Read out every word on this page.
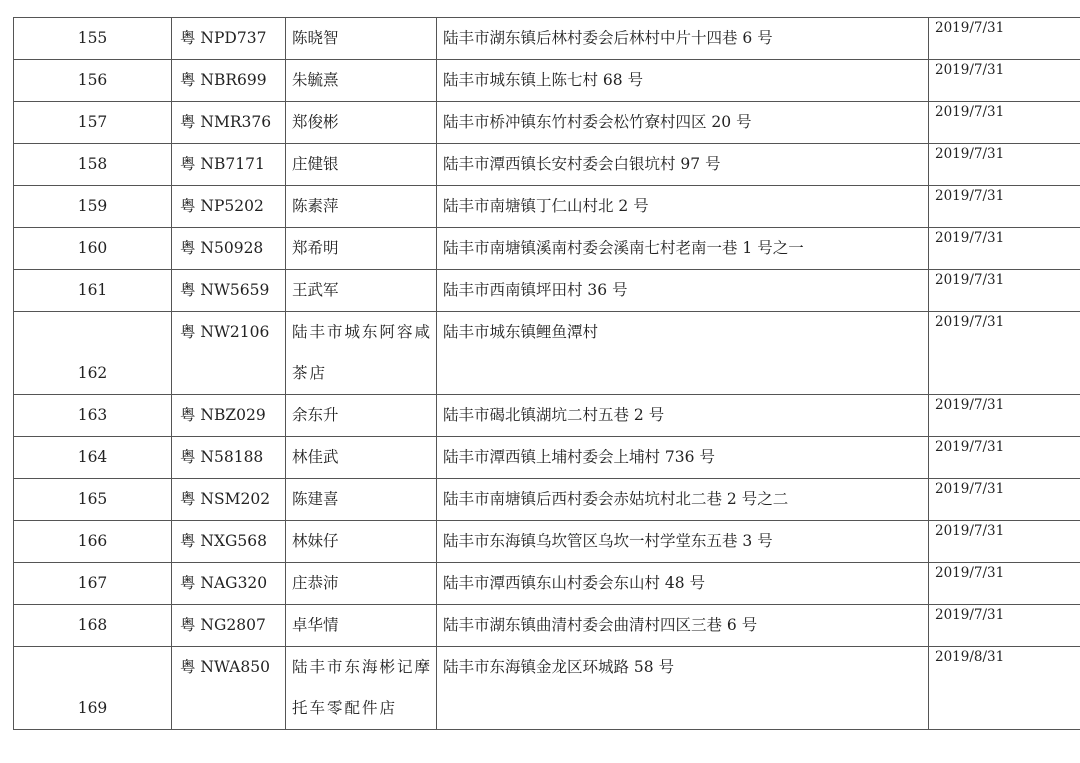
155	粤 NPD737	陈晓智	陆丰市湖东镇后林村委会后林村中片十四巷 6 号	2019/7/31

156	粤 NBR699	朱毓熹	陆丰市城东镇上陈七村 68 号	2019/7/31

157	粤 NMR376	郑俊彬	陆丰市桥冲镇东竹村委会松竹寮村四区 20 号	2019/7/31

158	粤 NB7171	庄健银	陆丰市潭西镇长安村委会白银坑村 97 号	2019/7/31

159	粤 NP5202	陈素萍	陆丰市南塘镇丁仁山村北 2 号	2019/7/31

160	粤 N50928	郑希明	陆丰市南塘镇溪南村委会溪南七村老南一巷 1 号之一	2019/7/31

161	粤 NW5659	王武军	陆丰市西南镇坪田村 36 号	2019/7/31

162	粤 NW2106	陆丰市城东阿容咸茶店	陆丰市城东镇鲤鱼潭村	2019/7/31

163	粤 NBZ029	余东升	陆丰市碣北镇湖坑二村五巷 2 号	2019/7/31

164	粤 N58188	林佳武	陆丰市潭西镇上埔村委会上埔村 736 号	2019/7/31

165	粤 NSM202	陈建喜	陆丰市南塘镇后西村委会赤姑坑村北二巷 2 号之二	2019/7/31

166	粤 NXG568	林妹仔	陆丰市东海镇乌坎管区乌坎一村学堂东五巷 3 号	2019/7/31

167	粤 NAG320	庄恭沛	陆丰市潭西镇东山村委会东山村 48 号	2019/7/31

168	粤 NG2807	卓华情	陆丰市湖东镇曲清村委会曲清村四区三巷 6 号	2019/7/31

169	粤 NWA850	陆丰市东海彬记摩托车零配件店	陆丰市东海镇金龙区环城路 58 号	2019/8/31
